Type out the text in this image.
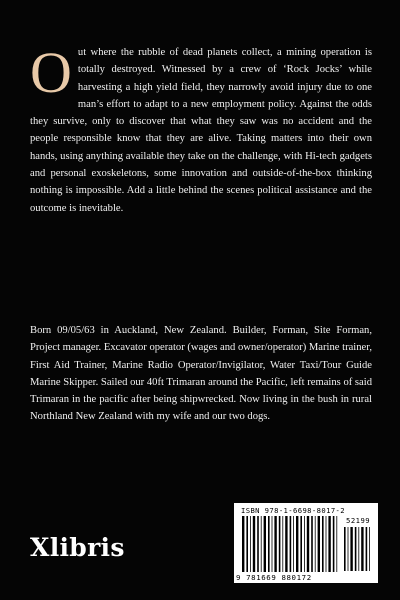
Out where the rubble of dead planets collect, a mining operation is totally destroyed. Witnessed by a crew of ‘Rock Jocks’ while harvesting a high yield field, they narrowly avoid injury due to one man’s effort to adapt to a new employment policy. Against the odds they survive, only to discover that what they saw was no accident and the people responsible know that they are alive. Taking matters into their own hands, using anything available they take on the challenge, with Hi-tech gadgets and personal exoskeletons, some innovation and outside-of-the-box thinking nothing is impossible. Add a little behind the scenes political assistance and the outcome is inevitable.

Born 09/05/63 in Auckland, New Zealand. Builder, Forman, Site Forman, Project manager. Excavator operator (wages and owner/operator) Marine trainer, First Aid Trainer, Marine Radio Operator/Invigilator, Water Taxi/Tour Guide Marine Skipper. Sailed our 40ft Trimaran around the Pacific, left remains of said Trimaran in the pacific after being shipwrecked. Now living in the bush in rural Northland New Zealand with my wife and our two dogs.

Xlibris
ISBN 978-1-6698-8017-2
52199
9 781669 880172
